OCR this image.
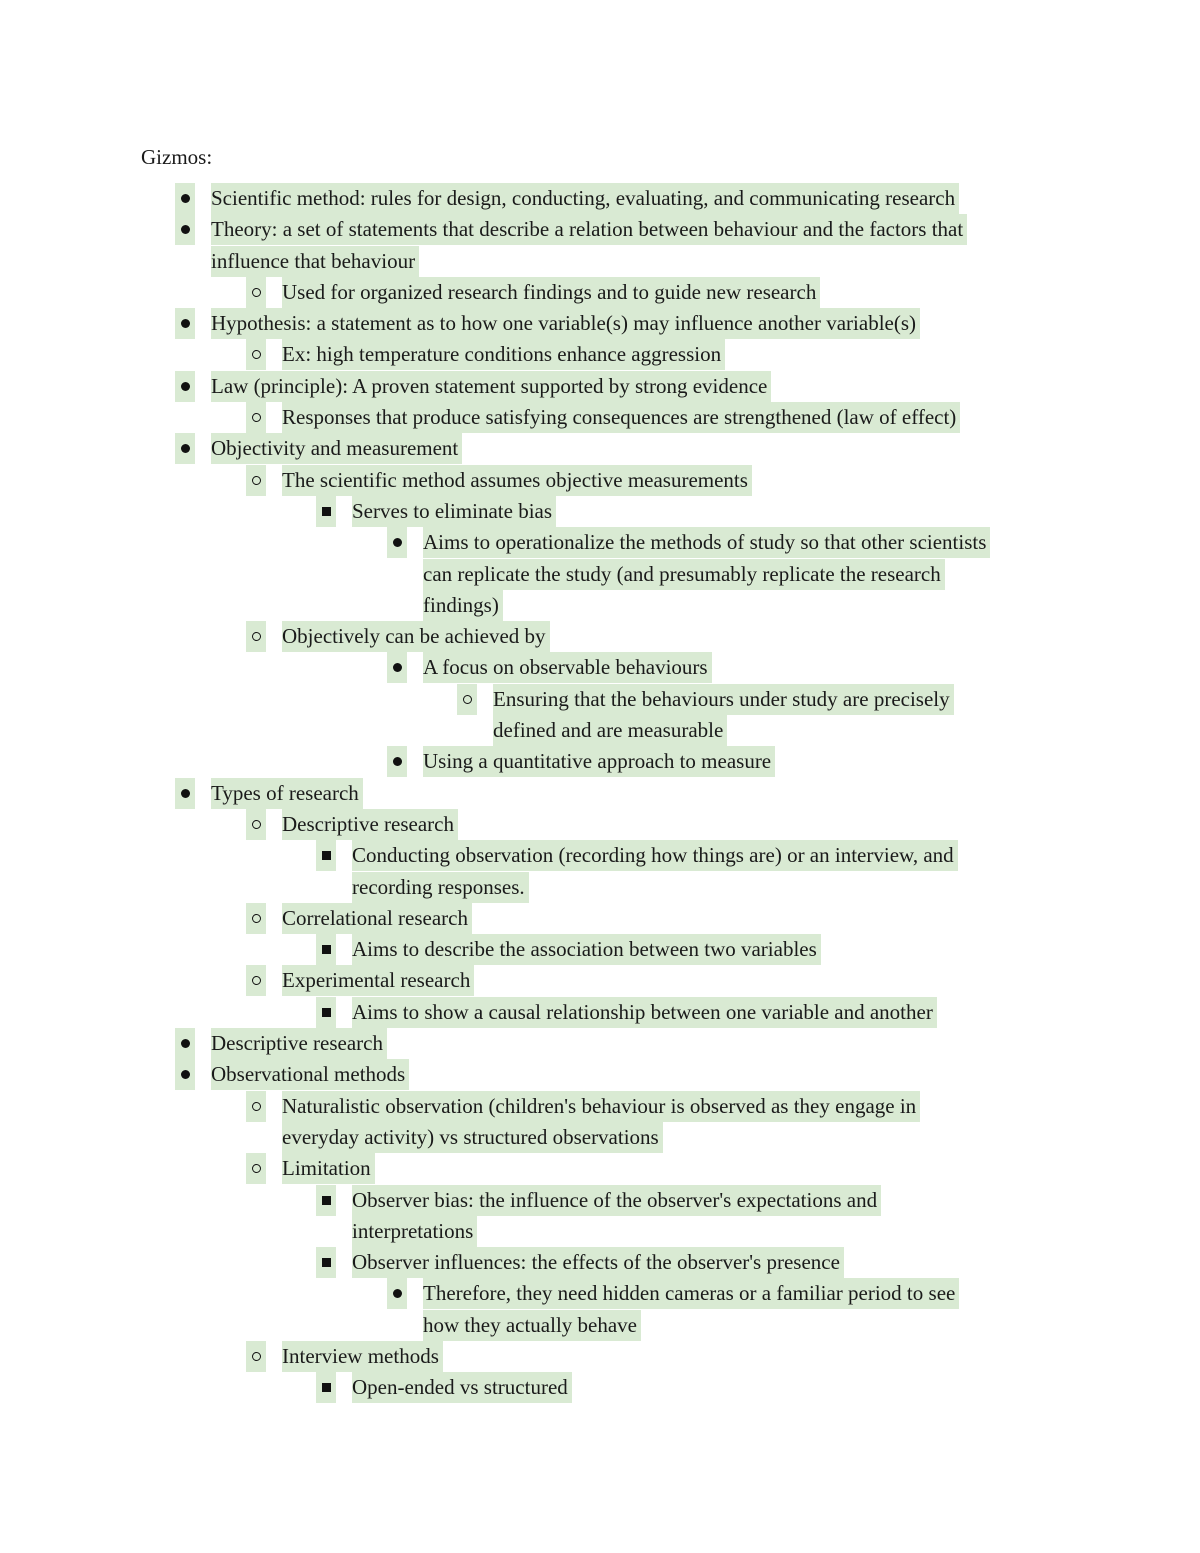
Gizmos:
Scientific method: rules for design, conducting, evaluating, and communicating research
Theory: a set of statements that describe a relation between behaviour and the factors that
influence that behaviour
Used for organized research findings and to guide new research
Hypothesis: a statement as to how one variable(s) may influence another variable(s)
Ex: high temperature conditions enhance aggression
Law (principle): A proven statement supported by strong evidence
Responses that produce satisfying consequences are strengthened (law of effect)
Objectivity and measurement
The scientific method assumes objective measurements
Serves to eliminate bias
Aims to operationalize the methods of study so that other scientists
can replicate the study (and presumably replicate the research
findings)
Objectively can be achieved by
A focus on observable behaviours
Ensuring that the behaviours under study are precisely
defined and are measurable
Using a quantitative approach to measure
Types of research
Descriptive research
Conducting observation (recording how things are) or an interview, and
recording responses.
Correlational research
Aims to describe the association between two variables
Experimental research
Aims to show a causal relationship between one variable and another
Descriptive research
Observational methods
Naturalistic observation (children's behaviour is observed as they engage in
everyday activity) vs structured observations
Limitation
Observer bias: the influence of the observer's expectations and
interpretations
Observer influences: the effects of the observer's presence
Therefore, they need hidden cameras or a familiar period to see
how they actually behave
Interview methods
Open-ended vs structured
